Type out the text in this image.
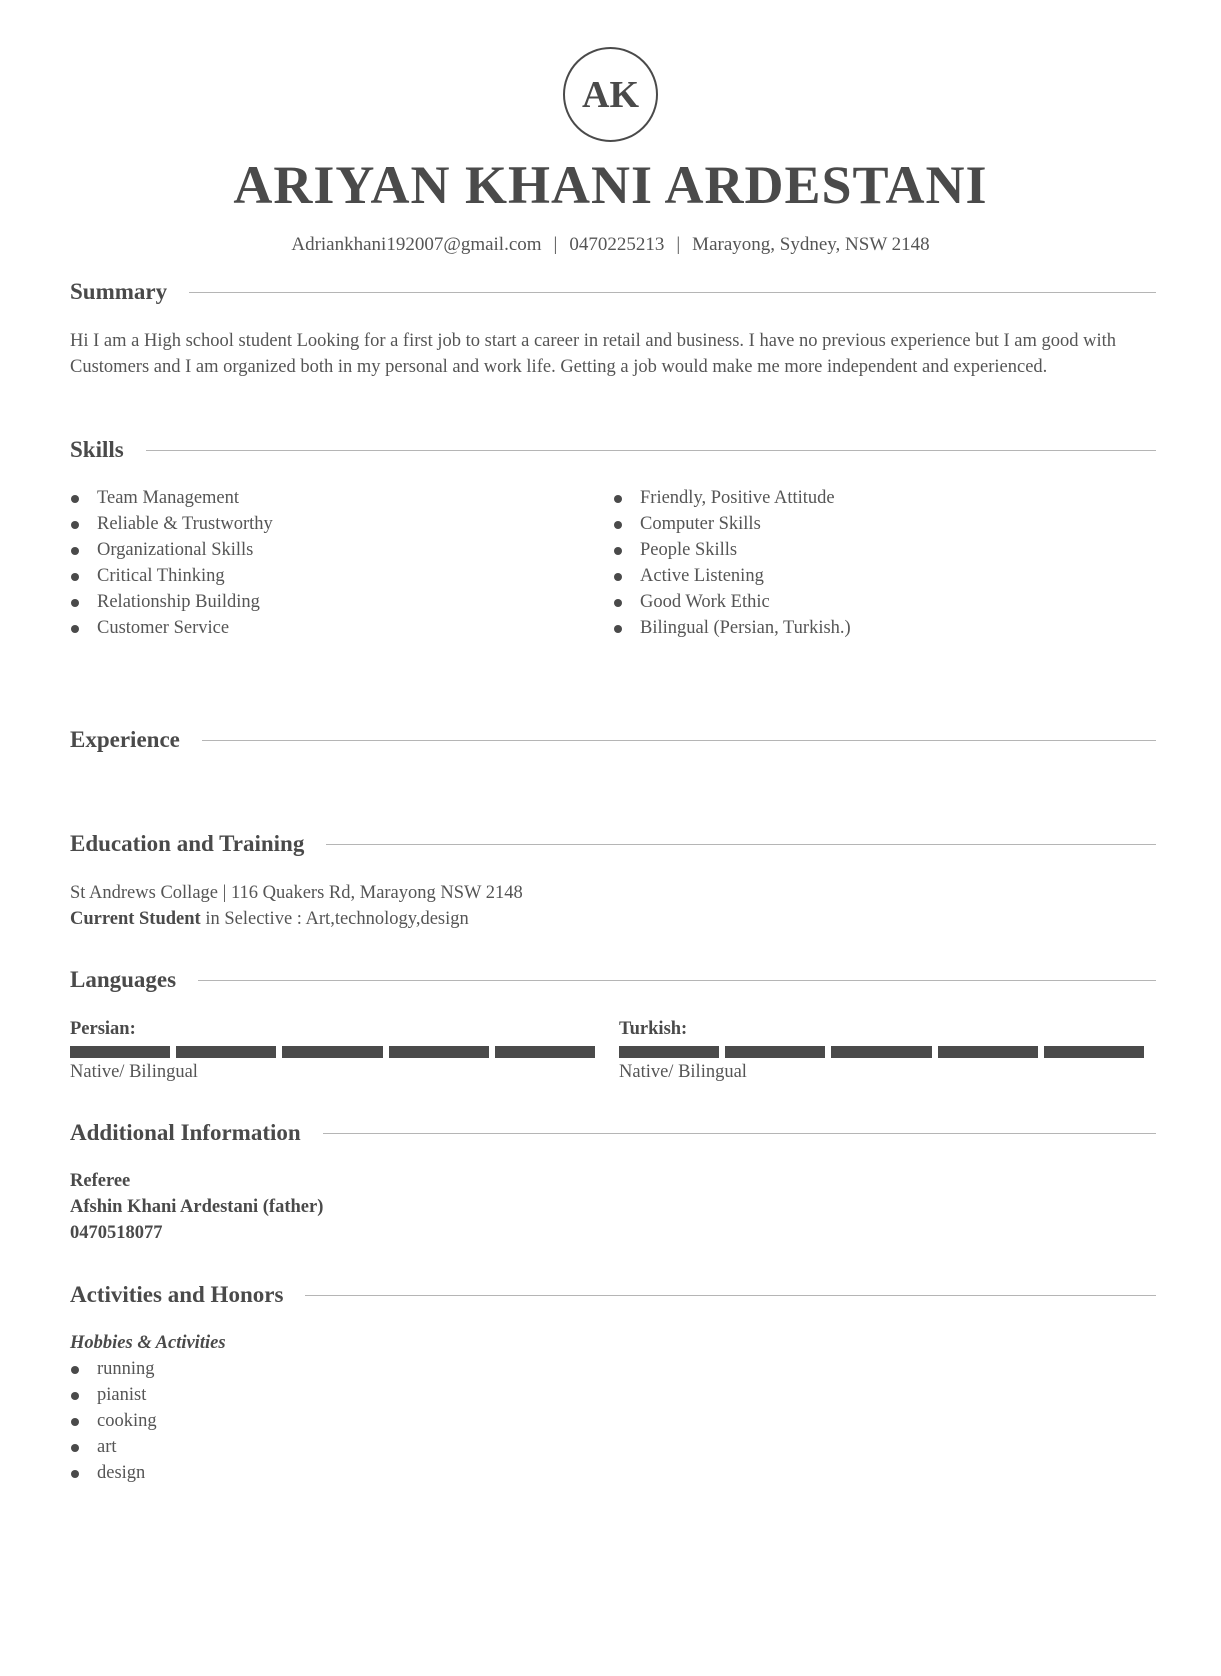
AK
ARIYAN KHANI ARDESTANI
Adriankhani192007@gmail.com | 0470225213 | Marayong, Sydney, NSW 2148
Summary

Hi I am a High school student Looking for a first job to start a career in retail and business. I have no previous experience but I am good with Customers and I am organized both in my personal and work life. Getting a job would make me more independent and experienced.

Skills
Team Management
Reliable & Trustworthy
Organizational Skills
Critical Thinking
Relationship Building
Customer Service
Friendly, Positive Attitude
Computer Skills
People Skills
Active Listening
Good Work Ethic
Bilingual (Persian, Turkish.)
Experience
Education and Training
St Andrews Collage | 116 Quakers Rd, Marayong NSW 2148
Current Student in Selective : Art,technology,design
Languages
Persian:
Native/ Bilingual
Turkish:
Native/ Bilingual
Additional Information
Referee
Afshin Khani Ardestani (father)
0470518077
Activities and Honors
Hobbies & Activities
running
pianist
cooking
art
design
